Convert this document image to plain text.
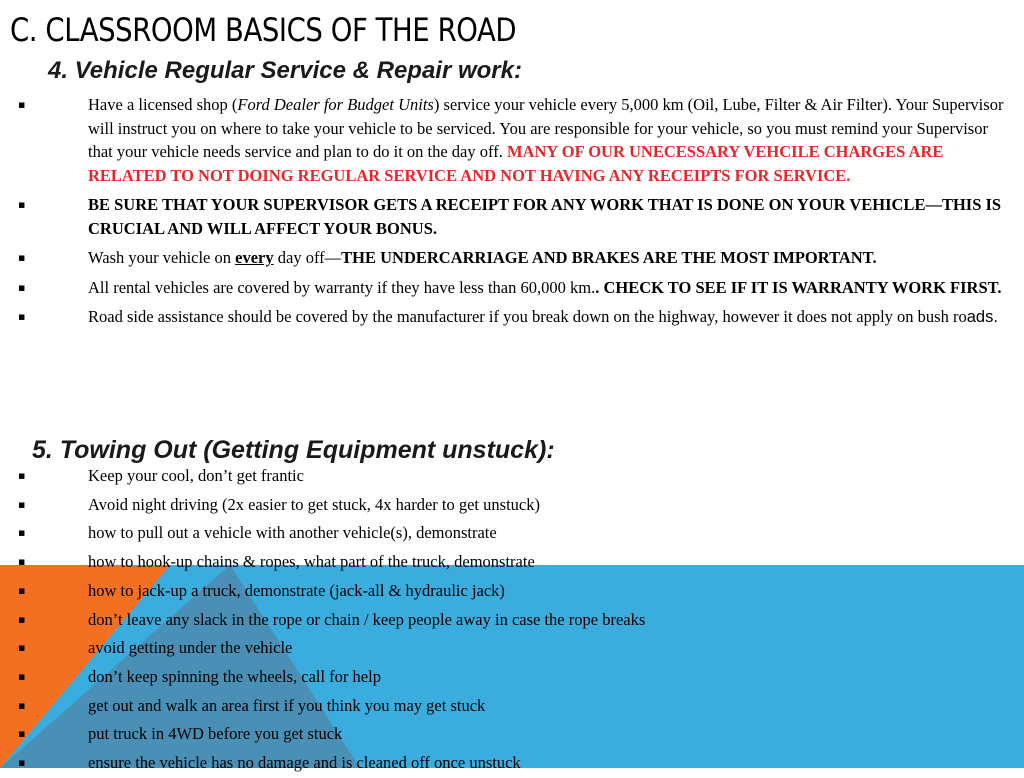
C. CLASSROOM BASICS OF THE ROAD
4. Vehicle Regular Service & Repair work:
▪	Have a licensed shop (Ford Dealer for Budget Units) service your vehicle every 5,000 km (Oil, Lube, Filter & Air Filter). Your Supervisor will instruct you on where to take your vehicle to be serviced. You are responsible for your vehicle, so you must remind your Supervisor that your vehicle needs service and plan to do it on the day off. MANY OF OUR UNECESSARY VEHCILE CHARGES ARE RELATED TO NOT DOING REGULAR SERVICE AND NOT HAVING ANY RECEIPTS FOR SERVICE.
▪	BE SURE THAT YOUR SUPERVISOR GETS A RECEIPT FOR ANY WORK THAT IS DONE ON YOUR VEHICLE—THIS IS CRUCIAL AND WILL AFFECT YOUR BONUS.
▪	Wash your vehicle on every day off—THE UNDERCARRIAGE AND BRAKES ARE THE MOST IMPORTANT.
▪	All rental vehicles are covered by warranty if they have less than 60,000 km.. CHECK TO SEE IF IT IS WARRANTY WORK FIRST.
▪	Road side assistance should be covered by the manufacturer if you break down on the highway, however it does not apply on bush roads.
5. Towing Out (Getting Equipment unstuck):
▪	Keep your cool, don’t get frantic
▪	Avoid night driving (2x easier to get stuck, 4x harder to get unstuck)
▪	how to pull out a vehicle with another vehicle(s), demonstrate
▪	how to hook-up chains & ropes, what part of the truck, demonstrate
▪	how to jack-up a truck, demonstrate (jack-all & hydraulic jack)
▪	don’t leave any slack in the rope or chain / keep people away in case the rope breaks
▪	avoid getting under the vehicle
▪	don’t keep spinning the wheels, call for help
▪	get out and walk an area first if you think you may get stuck
▪	put truck in 4WD before you get stuck
▪	ensure the vehicle has no damage and is cleaned off once unstuck
